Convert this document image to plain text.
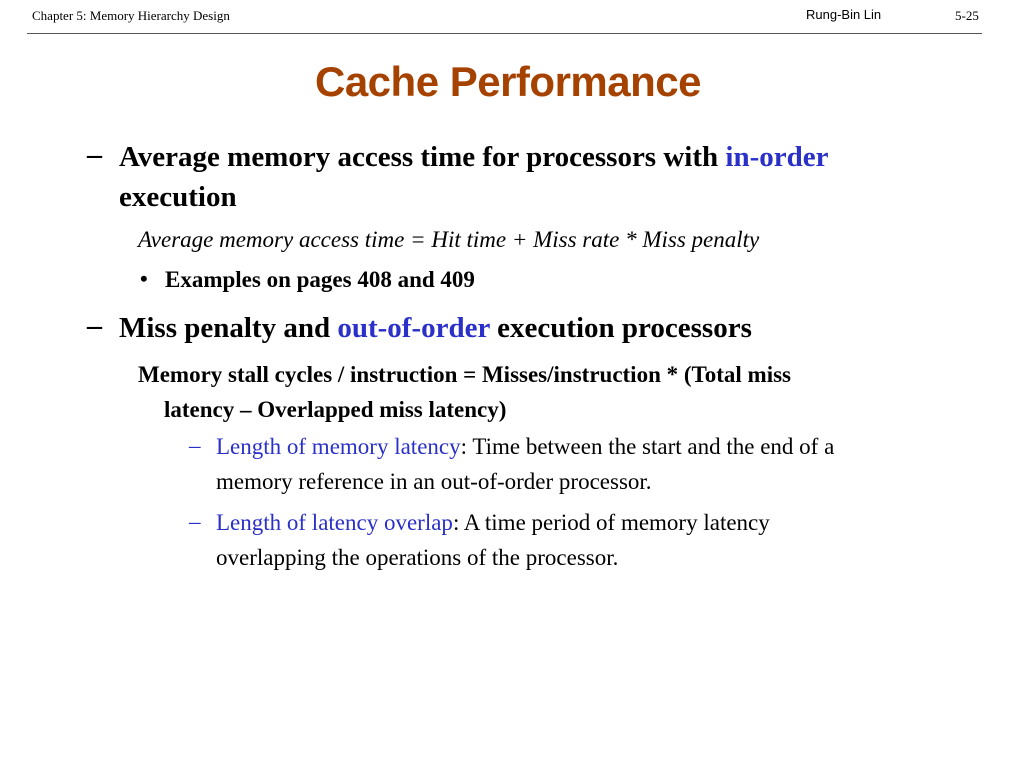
Chapter 5: Memory Hierarchy Design	Rung-Bin Lin	5-25
Cache Performance
– Average memory access time for processors with in-order
execution
Average memory access time = Hit time + Miss rate * Miss penalty
• Examples on pages 408 and 409
– Miss penalty and out-of-order execution processors
Memory stall cycles / instruction = Misses/instruction * (Total miss
latency – Overlapped miss latency)
– Length of memory latency: Time between the start and the end of a
memory reference in an out-of-order processor.
– Length of latency overlap: A time period of memory latency
overlapping the operations of the processor.
